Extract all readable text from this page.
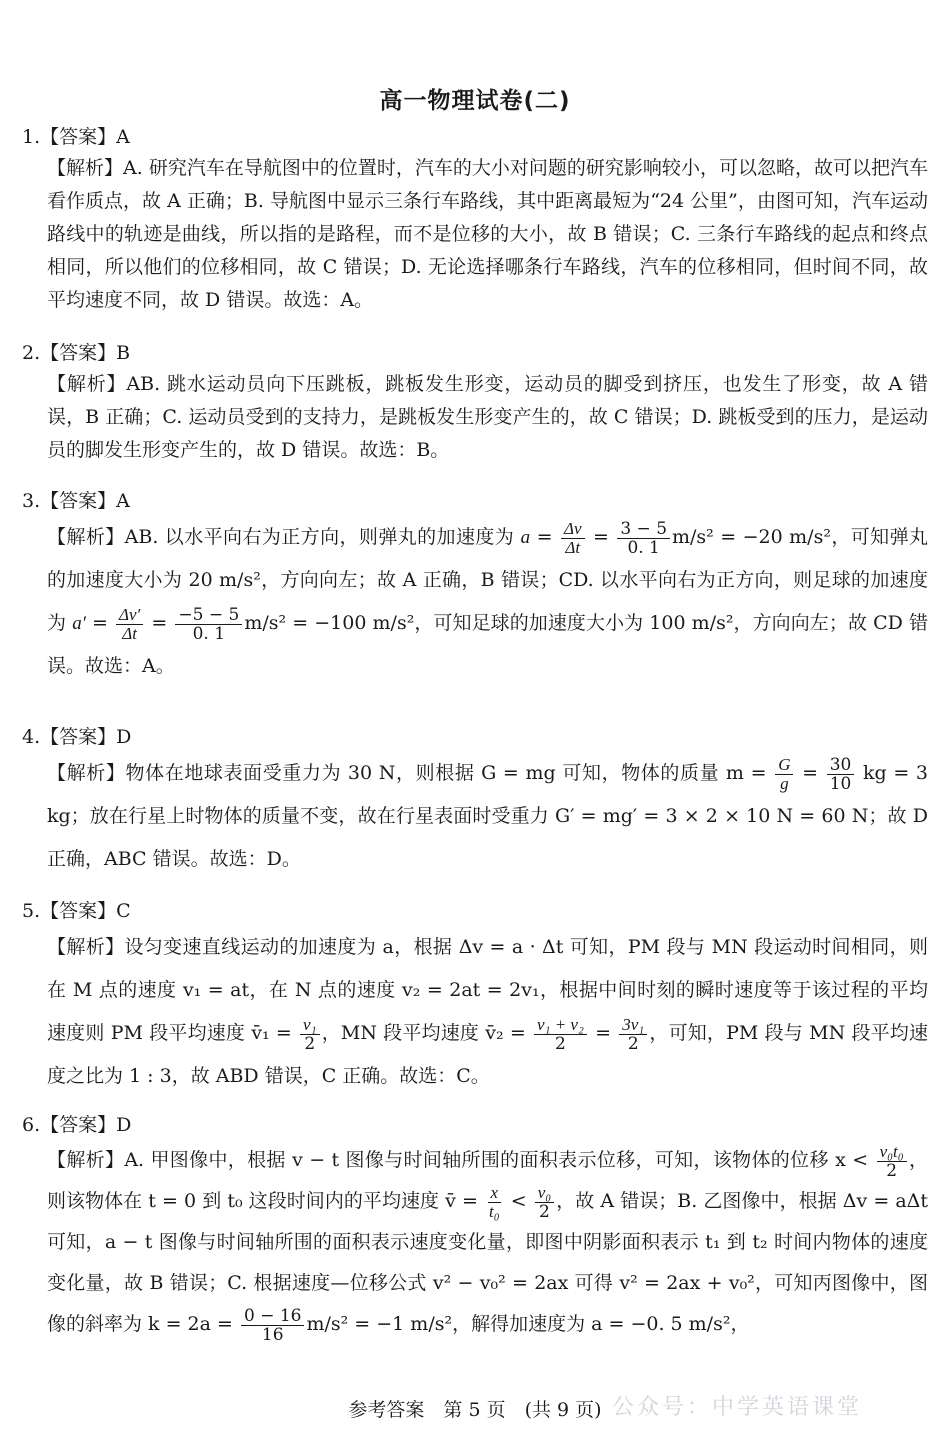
高一物理试卷(二)
1.【答案】A
【解析】A. 研究汽车在导航图中的位置时，汽车的大小对问题的研究影响较小，可以忽略，故可以把汽车看作质点，故 A 正确；B. 导航图中显示三条行车路线，其中距离最短为“24 公里”，由图可知，汽车运动路线中的轨迹是曲线，所以指的是路程，而不是位移的大小，故 B 错误；C. 三条行车路线的起点和终点相同，所以他们的位移相同，故 C 错误；D. 无论选择哪条行车路线，汽车的位移相同，但时间不同，故平均速度不同，故 D 错误。故选：A。
2.【答案】B
【解析】AB. 跳水运动员向下压跳板，跳板发生形变，运动员的脚受到挤压，也发生了形变，故 A 错误，B 正确；C. 运动员受到的支持力，是跳板发生形变产生的，故 C 错误；D. 跳板受到的压力，是运动员的脚发生形变产生的，故 D 错误。故选：B。
3.【答案】A
【解析】AB. 以水平向右为正方向，则弹丸的加速度为 $a = \frac{\Delta v}{\Delta t} = \frac{3 - 5}{0. 1} m/s^2 = -20$ m/s²，可知弹丸的加速度大小为 20 m/s²，方向向左；故 A 正确，B 错误；CD. 以水平向右为正方向，则足球的加速度为 $a' = \frac{\Delta v'}{\Delta t} = \frac{-5 - 5}{0. 1} m/s^2 = -100$ m/s²，可知足球的加速度大小为 100 m/s²，方向向左；故 CD 错误。故选：A。
4.【答案】D
【解析】物体在地球表面受重力为 30 N，则根据 G = mg 可知，物体的质量 $m = \frac{G}{g} = \frac{30}{10}$ kg = 3 kg；放在行星上时物体的质量不变，故在行星表面时受重力 G′ = mg′ = 3 × 2 × 10 N = 60 N；故 D 正确，ABC 错误。故选：D。
5.【答案】C
【解析】设匀变速直线运动的加速度为 a，根据 Δv = a · Δt 可知，PM 段与 MN 段运动时间相同，则在 M 点的速度 v₁ = at，在 N 点的速度 v₂ = 2at = 2v₁，根据中间时刻的瞬时速度等于该过程的平均速度则 PM 段平均速度 v̄₁ = $\frac{\text{v₁}}{2}$ ，MN 段平均速度 v̄₂ = $\frac{\text{v₁ + v₂}}{2} = \frac{\text{3v₁}}{2}$ ，可知，PM 段与 MN 段平均速度之比为 1 : 3，故 ABD 错误，C 正确。故选：C。
6.【答案】D
【解析】A. 甲图像中，根据 v − t 图像与时间轴所围的面积表示位移，可知，该物体的位移 $x < \frac{\text{v₀t₀}}{2}$ ，则该物体在 t = 0 到 t₀ 这段时间内的平均速度 v̄ = $\frac{x}{\text{t₀}} < \frac{\text{v₀}}{2}$ ，故 A 错误；B. 乙图像中，根据 Δv = aΔt 可知，a − t 图像与时间轴所围的面积表示速度变化量，即图中阴影面积表示 t₁ 到 t₂ 时间内物体的速度变化量，故 B 错误；C. 根据速度—位移公式 v² − v₀² = 2ax 可得 v² = 2ax + v₀²，可知丙图像中，图像的斜率为 $k = 2a = \frac{0 - 16}{16} m/s^2 = -1$ m/s²，解得加速度为 a = −0. 5 m/s²，
参考答案　第 5 页　(共 9 页) 公众号：中学英语课堂
